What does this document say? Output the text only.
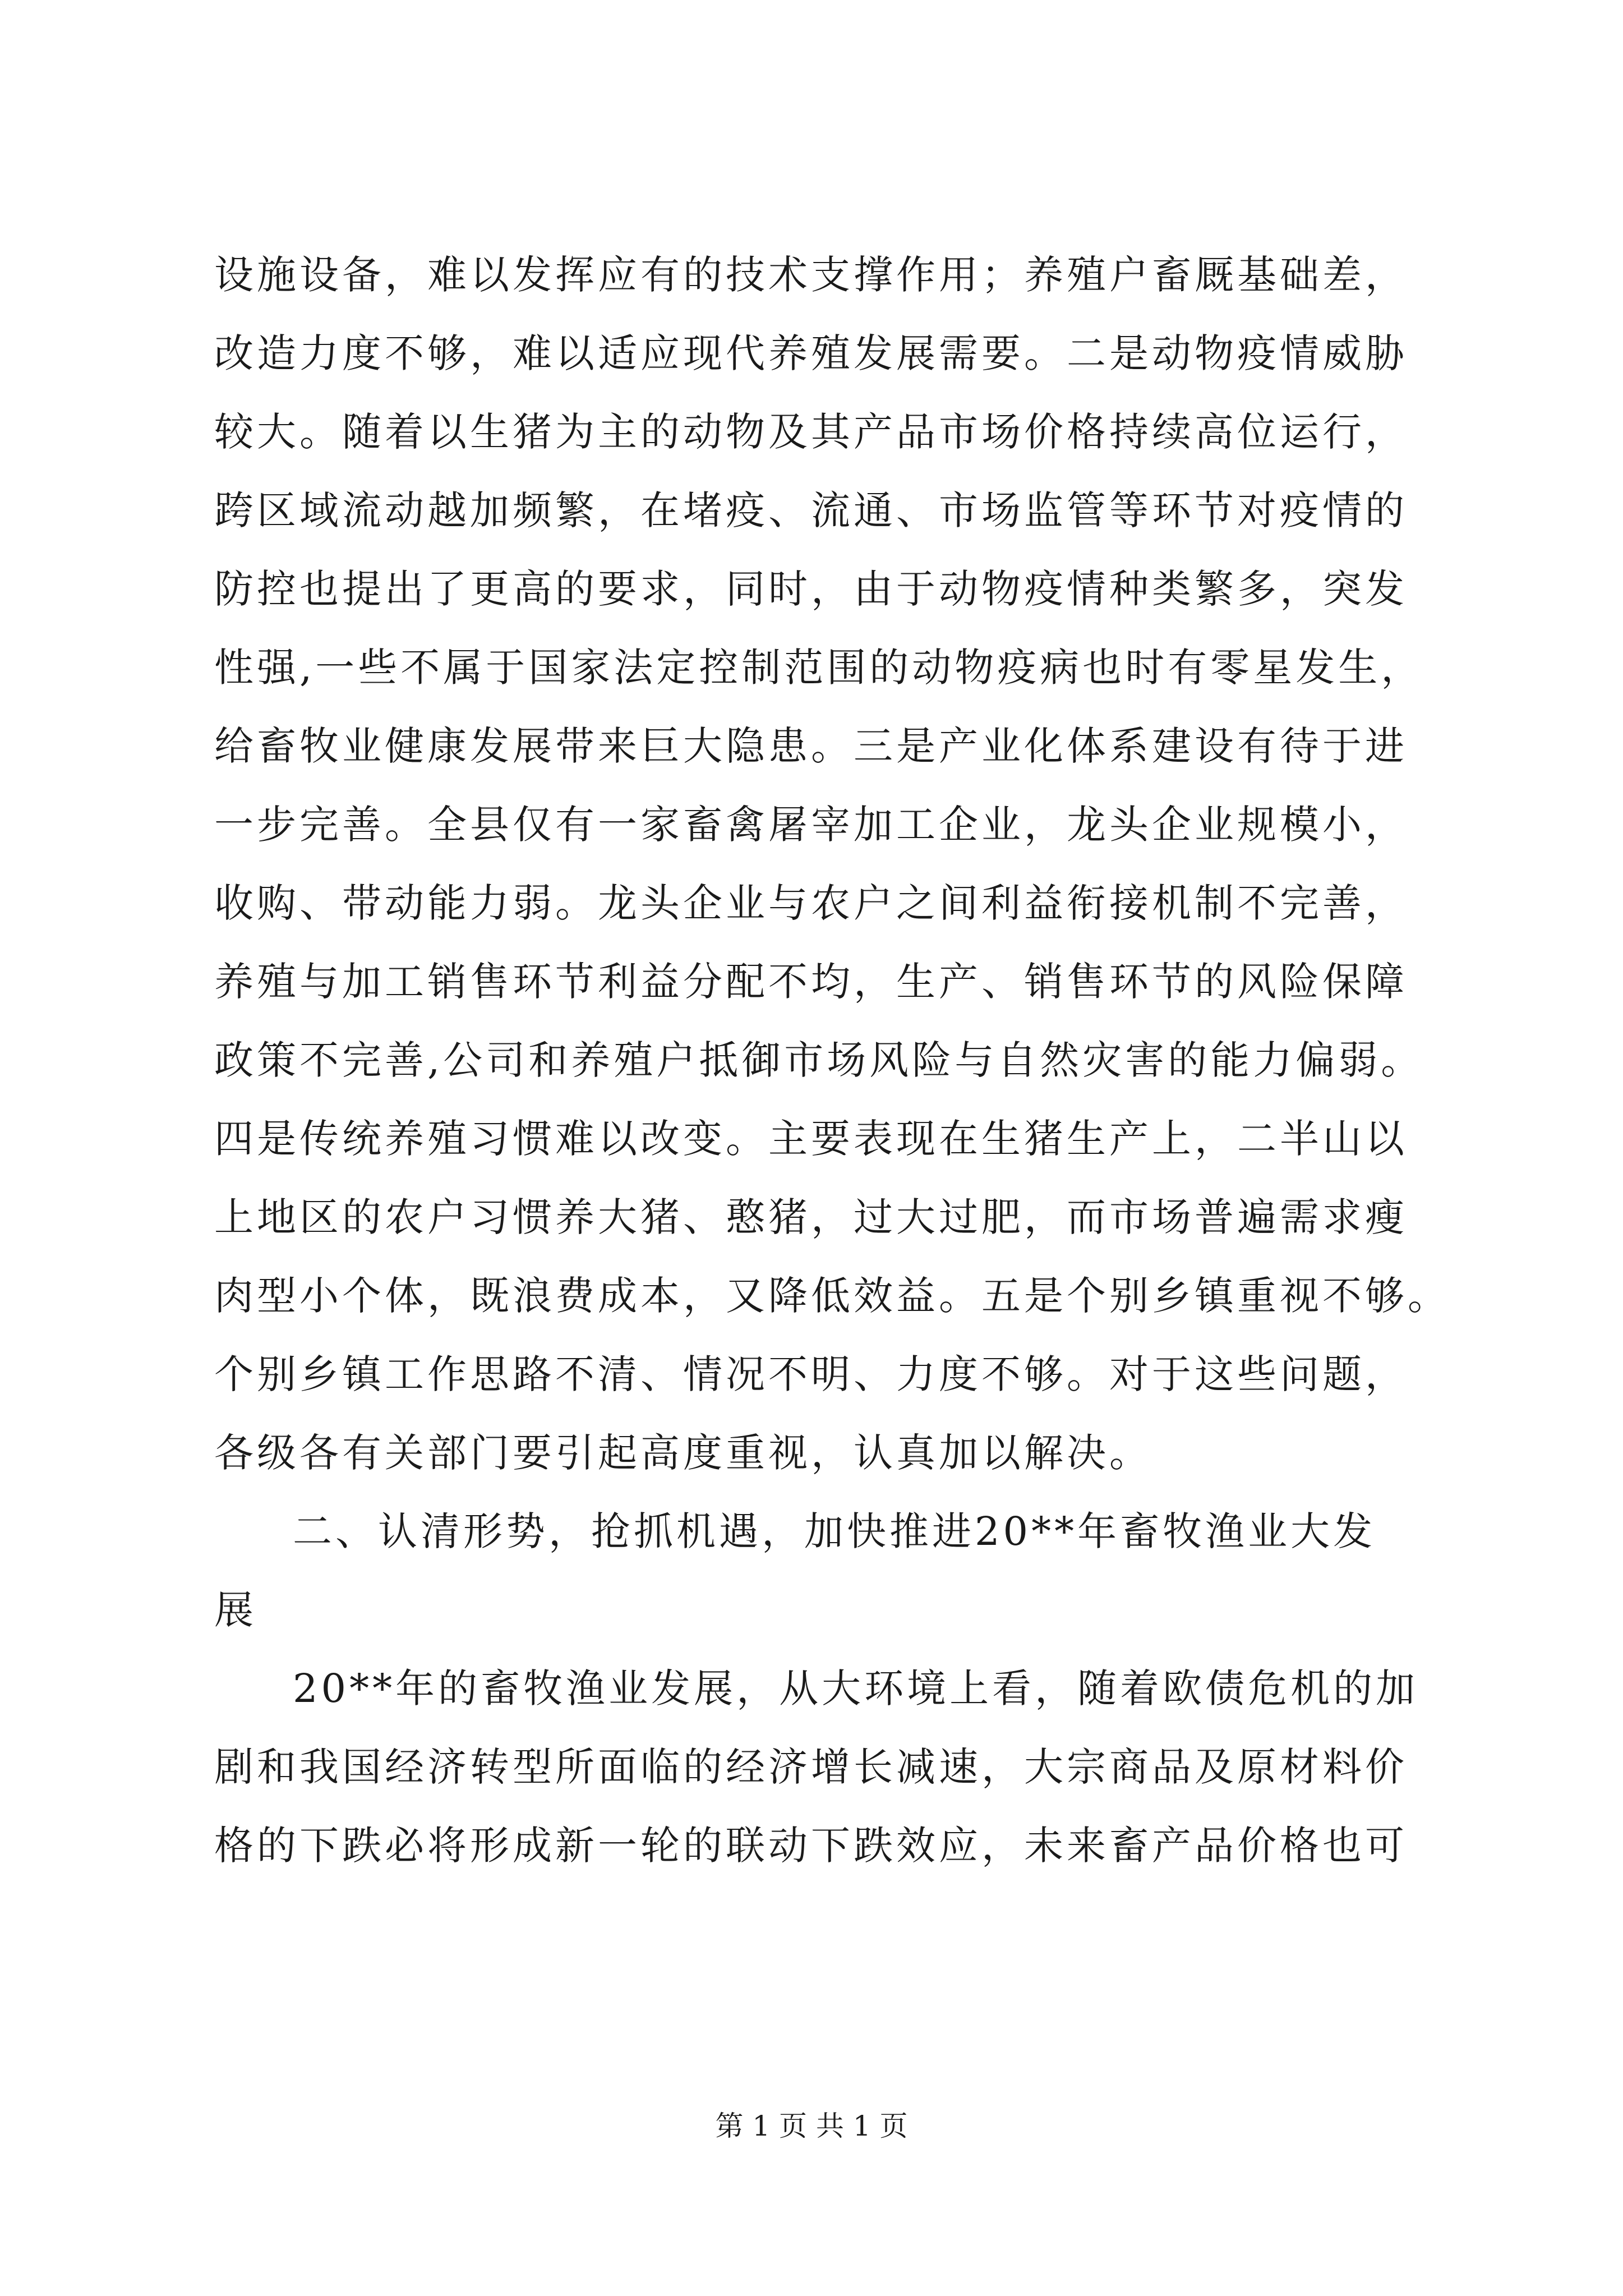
设施设备，难以发挥应有的技术支撑作用；养殖户畜厩基础差，
改造力度不够，难以适应现代养殖发展需要。二是动物疫情威胁
较大。随着以生猪为主的动物及其产品市场价格持续高位运行，
跨区域流动越加频繁，在堵疫、流通、市场监管等环节对疫情的
防控也提出了更高的要求，同时，由于动物疫情种类繁多，突发
性强,一些不属于国家法定控制范围的动物疫病也时有零星发生，
给畜牧业健康发展带来巨大隐患。三是产业化体系建设有待于进
一步完善。全县仅有一家畜禽屠宰加工企业，龙头企业规模小，
收购、带动能力弱。龙头企业与农户之间利益衔接机制不完善，
养殖与加工销售环节利益分配不均，生产、销售环节的风险保障
政策不完善,公司和养殖户抵御市场风险与自然灾害的能力偏弱。
四是传统养殖习惯难以改变。主要表现在生猪生产上，二半山以
上地区的农户习惯养大猪、憨猪，过大过肥，而市场普遍需求瘦
肉型小个体，既浪费成本，又降低效益。五是个别乡镇重视不够。
个别乡镇工作思路不清、情况不明、力度不够。对于这些问题，
各级各有关部门要引起高度重视，认真加以解决。
二、认清形势，抢抓机遇，加快推进20**年畜牧渔业大发
展
20**年的畜牧渔业发展，从大环境上看，随着欧债危机的加
剧和我国经济转型所面临的经济增长减速，大宗商品及原材料价
格的下跌必将形成新一轮的联动下跌效应，未来畜产品价格也可
第 1 页 共 1 页
